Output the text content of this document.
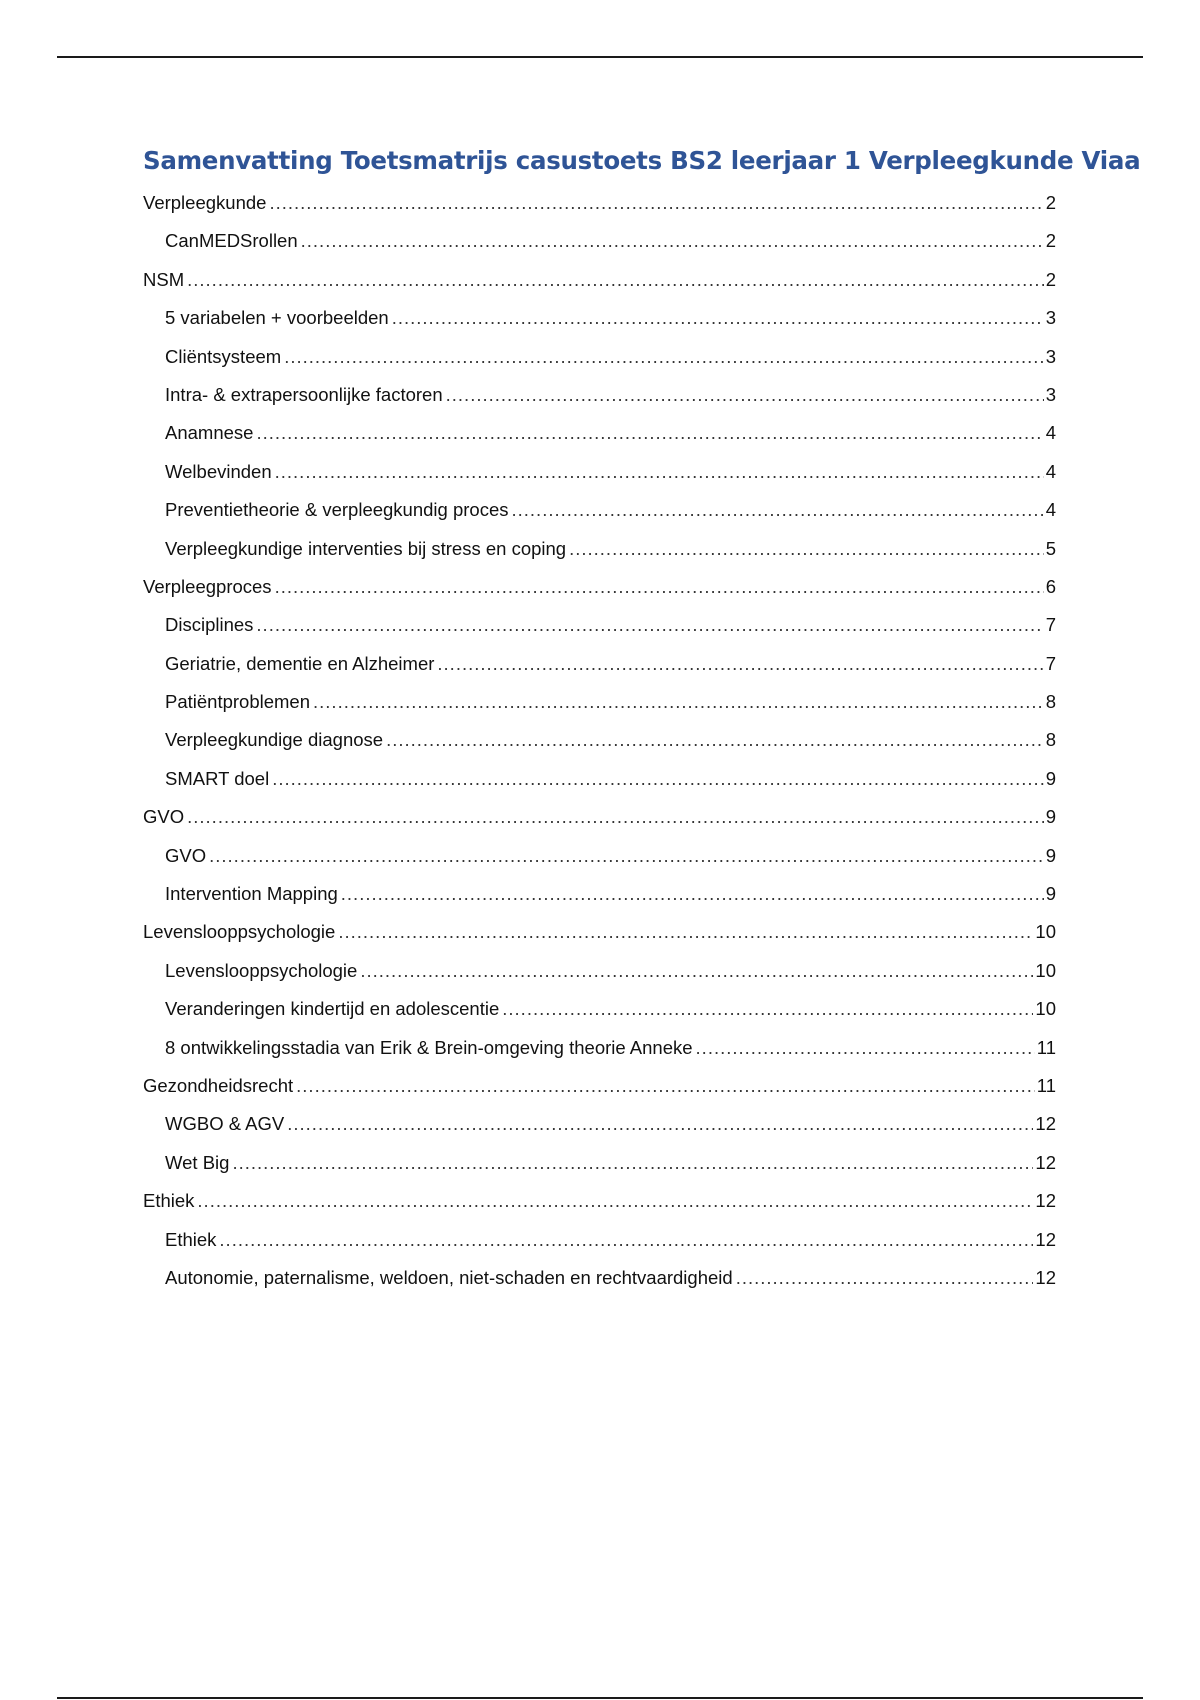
Samenvatting Toetsmatrijs casustoets BS2 leerjaar 1 Verpleegkunde Viaa
Verpleegkunde .....	2
CanMEDSrollen .....	2
NSM .....	2
5 variabelen + voorbeelden .....	3
Cliëntsysteem .....	3
Intra- & extrapersoonlijke factoren .....	3
Anamnese .....	4
Welbevinden .....	4
Preventietheorie & verpleegkundig proces .....	4
Verpleegkundige interventies bij stress en coping .....	5
Verpleegproces .....	6
Disciplines .....	7
Geriatrie, dementie en Alzheimer .....	7
Patiëntproblemen .....	8
Verpleegkundige diagnose .....	8
SMART doel .....	9
GVO .....	9
GVO .....	9
Intervention Mapping .....	9
Levenslooppsychologie .....	10
Levenslooppsychologie .....	10
Veranderingen kindertijd en adolescentie .....	10
8 ontwikkelingsstadia van Erik & Brein-omgeving theorie Anneke .....	11
Gezondheidsrecht .....	11
WGBO & AGV .....	12
Wet Big .....	12
Ethiek .....	12
Ethiek .....	12
Autonomie, paternalisme, weldoen, niet-schaden en rechtvaardigheid .....	12
